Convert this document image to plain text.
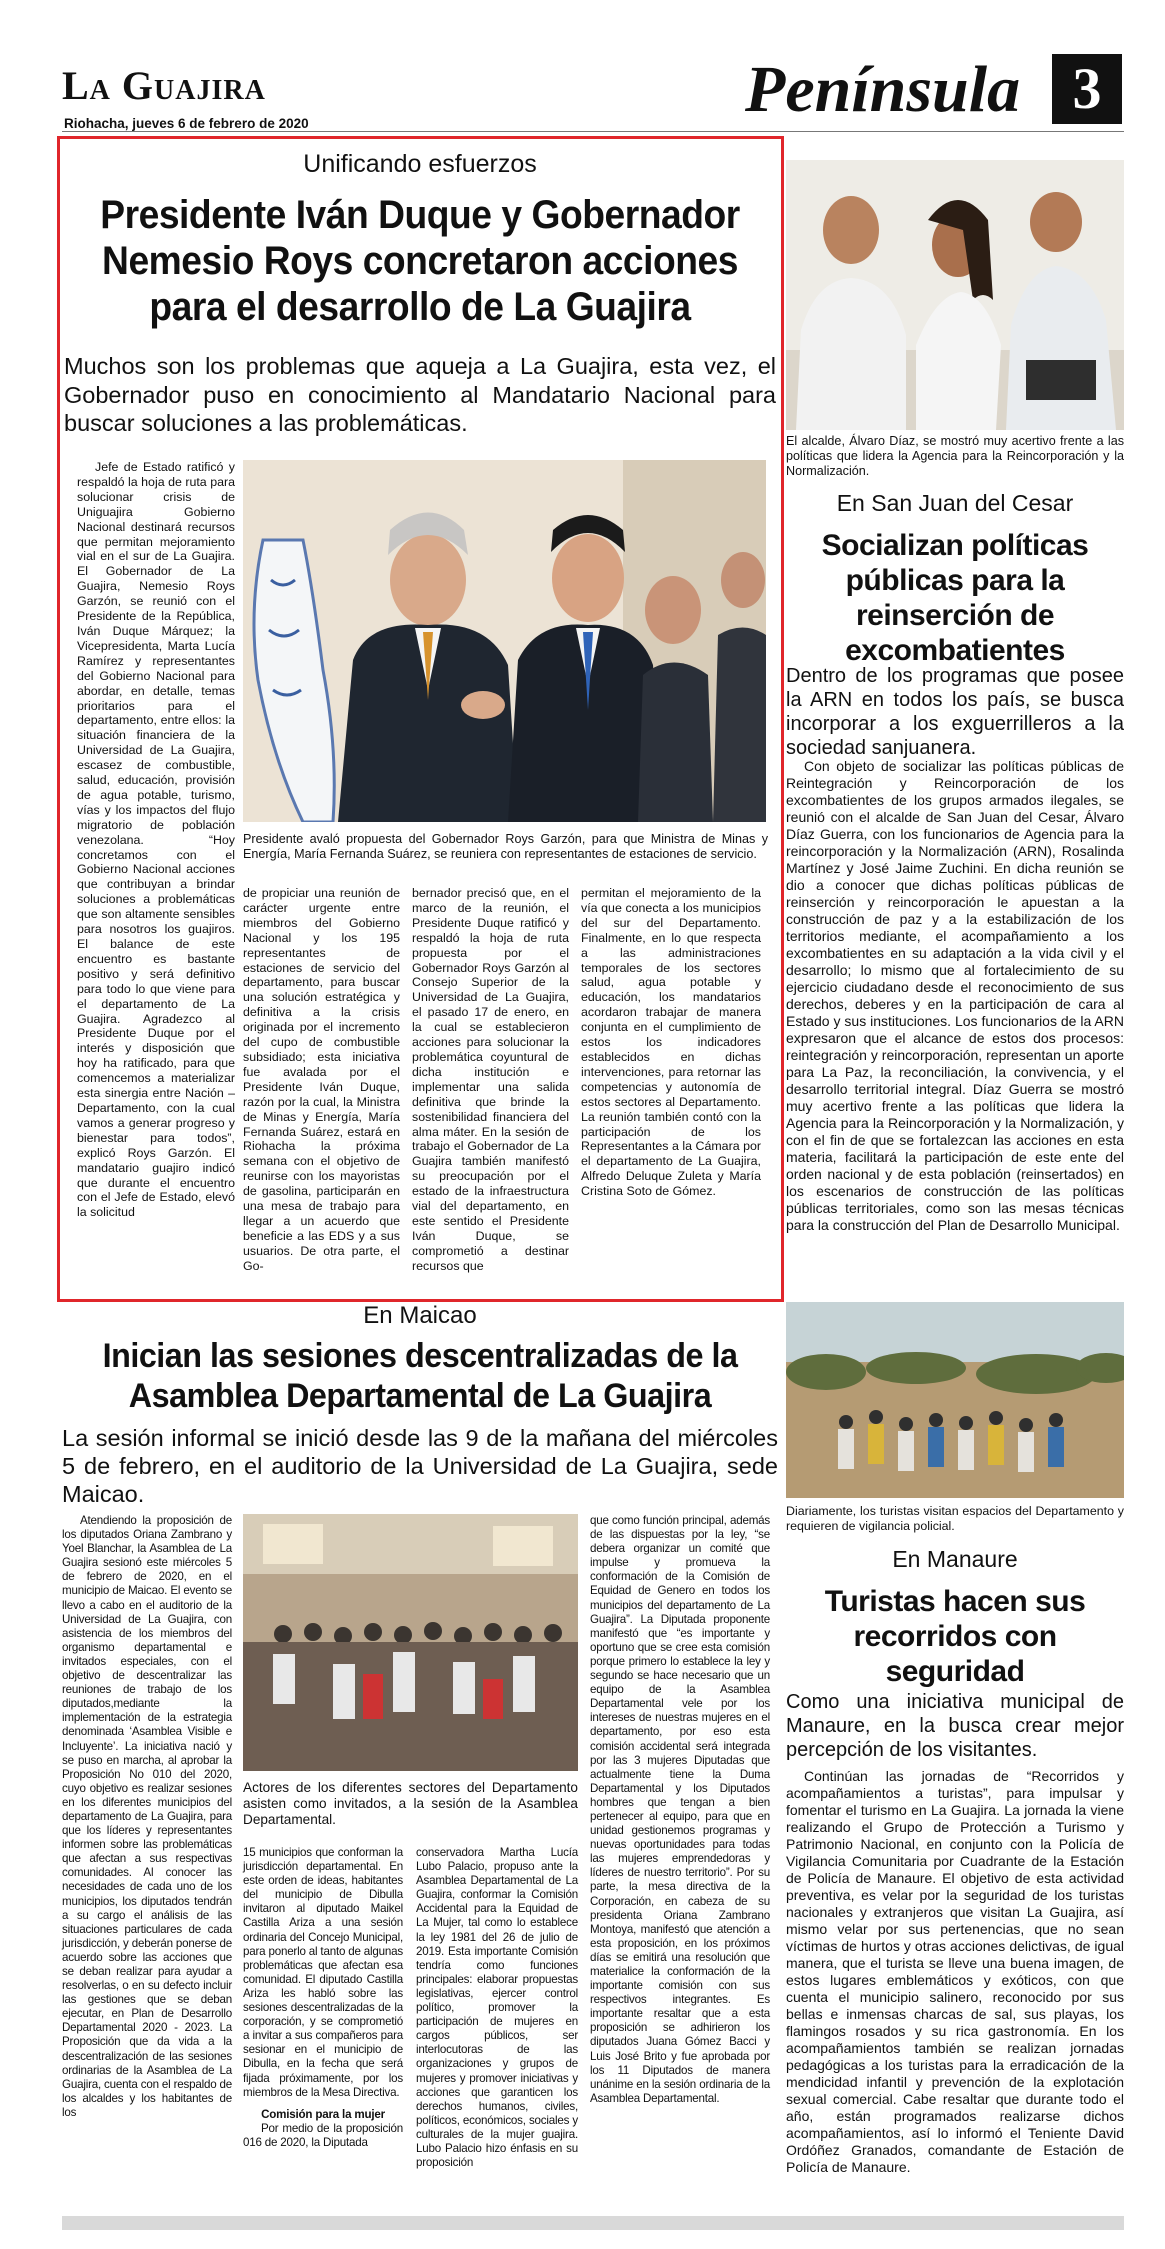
La Guajira
Riohacha, jueves 6 de febrero de 2020	Península 3
Unificando esfuerzos
Presidente Iván Duque y Gobernador Nemesio Roys concretaron acciones para el desarrollo de La Guajira
Muchos son los problemas que aqueja a La Guajira, esta vez, el Gobernador puso en conocimiento al Mandatario Nacional para buscar soluciones a las problemáticas.

Jefe de Estado ratificó y respaldó la hoja de ruta para solucionar crisis de Uniguajira Gobierno Nacional destinará recursos que permitan mejoramiento vial en el sur de La Guajira. El Gobernador de La Guajira, Nemesio Roys Garzón, se reunió con el Presidente de la República, Iván Duque Márquez; la Vicepresidenta, Marta Lucía Ramírez y representantes del Gobierno Nacional para abordar, en detalle, temas prioritarios para el departamento, entre ellos: la situación financiera de la Universidad de La Guajira, escasez de combustible, salud, educación, provisión de agua potable, turismo, vías y los impactos del flujo migratorio de población venezolana. “Hoy concretamos con el Gobierno Nacional acciones que contribuyan a brindar soluciones a problemáticas que son altamente sensibles para nosotros los guajiros. El balance de este encuentro es bastante positivo y será definitivo para todo lo que viene para el departamento de La Guajira. Agradezco al Presidente Duque por el interés y disposición que hoy ha ratificado, para que comencemos a materializar esta sinergia entre Nación – Departamento, con la cual vamos a generar progreso y bienestar para todos”, explicó Roys Garzón. El mandatario guajiro indicó que durante el encuentro con el Jefe de Estado, elevó la solicitud

Presidente avaló propuesta del Gobernador Roys Garzón, para que Ministra de Minas y Energía, María Fernanda Suárez, se reuniera con representantes de estaciones de servicio.

de propiciar una reunión de carácter urgente entre miembros del Gobierno Nacional y los 195 representantes de estaciones de servicio del departamento, para buscar una solución estratégica y definitiva a la crisis originada por el incremento del cupo de combustible subsidiado; esta iniciativa fue avalada por el Presidente Iván Duque, razón por la cual, la Ministra de Minas y Energía, María Fernanda Suárez, estará en Riohacha la próxima semana con el objetivo de reunirse con los mayoristas de gasolina, participarán en una mesa de trabajo para llegar a un acuerdo que beneficie a las EDS y a sus usuarios. De otra parte, el Go-

bernador precisó que, en el marco de la reunión, el Presidente Duque ratificó y respaldó la hoja de ruta propuesta por el Gobernador Roys Garzón al Consejo Superior de la Universidad de La Guajira, el pasado 17 de enero, en la cual se establecieron acciones para solucionar la problemática coyuntural de dicha institución e implementar una salida definitiva que brinde la sostenibilidad financiera del alma máter. En la sesión de trabajo el Gobernador de La Guajira también manifestó su preocupación por el estado de la infraestructura vial del departamento, en este sentido el Presidente Iván Duque, se comprometió a destinar recursos que

permitan el mejoramiento de la vía que conecta a los municipios del sur del Departamento. Finalmente, en lo que respecta a las administraciones temporales de los sectores salud, agua potable y educación, los mandatarios acordaron trabajar de manera conjunta en el cumplimiento de estos los indicadores establecidos en dichas intervenciones, para retornar las competencias y autonomía de estos sectores al Departamento. La reunión también contó con la participación de los Representantes a la Cámara por el departamento de La Guajira, Alfredo Deluque Zuleta y María Cristina Soto de Gómez.

El alcalde, Álvaro Díaz, se mostró muy acertivo frente a las políticas que lidera la Agencia para la Reincorporación y la Normalización.
En San Juan del Cesar
Socializan políticas públicas para la reinserción de excombatientes
Dentro de los programas que posee la ARN en todos los país, se busca incorporar a los exguerrilleros a la sociedad sanjuanera.

Con objeto de socializar las políticas públicas de Reintegración y Reincorporación de los excombatientes de los grupos armados ilegales, se reunió con el alcalde de San Juan del Cesar, Álvaro Díaz Guerra, con los funcionarios de Agencia para la reincorporación y la Normalización (ARN), Rosalinda Martínez y José Jaime Zuchini. En dicha reunión se dio a conocer que dichas políticas públicas de reinserción y reincorporación le apuestan a la construcción de paz y a la estabilización de los territorios mediante, el acompañamiento a los excombatientes en su adaptación a la vida civil y el desarrollo; lo mismo que al fortalecimiento de su ejercicio ciudadano desde el reconocimiento de sus derechos, deberes y en la participación de cara al Estado y sus instituciones. Los funcionarios de la ARN expresaron que el alcance de estos dos procesos: reintegración y reincorporación, representan un aporte para La Paz, la reconciliación, la convivencia, y el desarrollo territorial integral. Díaz Guerra se mostró muy acertivo frente a las políticas que lidera la Agencia para la Reincorporación y la Normalización, y con el fin de que se fortalezcan las acciones en esta materia, facilitará la participación de este ente del orden nacional y de esta población (reinsertados) en los escenarios de construcción de las políticas públicas territoriales, como son las mesas técnicas para la construcción del Plan de Desarrollo Municipal.

En Maicao
Inician las sesiones descentralizadas de la Asamblea Departamental de La Guajira
La sesión informal se inició desde las 9 de la mañana del miércoles 5 de febrero, en el auditorio de la Universidad de La Guajira, sede Maicao.

Atendiendo la proposición de los diputados Oriana Zambrano y Yoel Blanchar, la Asamblea de La Guajira sesionó este miércoles 5 de febrero de 2020, en el municipio de Maicao. El evento se llevo a cabo en el auditorio de la Universidad de La Guajira, con asistencia de los miembros del organismo departamental e invitados especiales, con el objetivo de descentralizar las reuniones de trabajo de los diputados,mediante la implementación de la estrategia denominada ‘Asamblea Visible e Incluyente’. La iniciativa nació y se puso en marcha, al aprobar la Proposición No 010 del 2020, cuyo objetivo es realizar sesiones en los diferentes municipios del departamento de La Guajira, para que los líderes y representantes informen sobre las problemáticas que afectan a sus respectivas comunidades. Al conocer las necesidades de cada uno de los municipios, los diputados tendrán a su cargo el análisis de las situaciones particulares de cada jurisdicción, y deberán ponerse de acuerdo sobre las acciones que se deban realizar para ayudar a resolverlas, o en su defecto incluir las gestiones que se deban ejecutar, en Plan de Desarrollo Departamental 2020 - 2023. La Proposición que da vida a la descentralización de las sesiones ordinarias de la Asamblea de La Guajira, cuenta con el respaldo de los alcaldes y los habitantes de los

Actores de los diferentes sectores del Departamento asisten como invitados, a la sesión de la Asamblea Departamental.

15 municipios que conforman la jurisdicción departamental. En este orden de ideas, habitantes del municipio de Dibulla invitaron al diputado Maikel Castilla Ariza a una sesión ordinaria del Concejo Municipal, para ponerlo al tanto de algunas problemáticas que afectan esa comunidad. El diputado Castilla Ariza les habló sobre las sesiones descentralizadas de la corporación, y se comprometió a invitar a sus compañeros para sesionar en el municipio de Dibulla, en la fecha que será fijada próximamente, por los miembros de la Mesa Directiva.

Comisión para la mujer

Por medio de la proposición 016 de 2020, la Diputada

conservadora Martha Lucía Lubo Palacio, propuso ante la Asamblea Departamental de La Guajira, conformar la Comisión Accidental para la Equidad de La Mujer, tal como lo establece la ley 1981 del 26 de julio de 2019. Esta importante Comisión tendría como funciones principales: elaborar propuestas legislativas, ejercer control político, promover la participación de mujeres en cargos públicos, ser interlocutoras de las organizaciones y grupos de mujeres y promover iniciativas y acciones que garanticen los derechos humanos, civiles, políticos, económicos, sociales y culturales de la mujer guajira. Lubo Palacio hizo énfasis en su proposición

que como función principal, además de las dispuestas por la ley, “se debera organizar un comité que impulse y promueva la conformación de la Comisión de Equidad de Genero en todos los municipios del departamento de La Guajira”. La Diputada proponente manifestó que “es importante y oportuno que se cree esta comisión porque primero lo establece la ley y segundo se hace necesario que un equipo de la Asamblea Departamental vele por los intereses de nuestras mujeres en el departamento, por eso esta comisión accidental será integrada por las 3 mujeres Diputadas que actualmente tiene la Duma Departamental y los Diputados hombres que tengan a bien pertenecer al equipo, para que en unidad gestionemos programas y nuevas oportunidades para todas las mujeres emprendedoras y líderes de nuestro territorio”. Por su parte, la mesa directiva de la Corporación, en cabeza de su presidenta Oriana Zambrano Montoya, manifestó que atención a esta proposición, en los próximos días se emitirá una resolución que materialice la conformación de la importante comisión con sus respectivos integrantes. Es importante resaltar que a esta proposición se adhirieron los diputados Juana Gómez Bacci y Luis José Brito y fue aprobada por los 11 Diputados de manera unánime en la sesión ordinaria de la Asamblea Departamental.

Diariamente, los turistas visitan espacios del Departamento y requieren de vigilancia policial.
En Manaure
Turistas hacen sus recorridos con seguridad
Como una iniciativa municipal de Manaure, en la busca crear mejor percepción de los visitantes.

Continúan las jornadas de “Recorridos y acompañamientos a turistas”, para impulsar y fomentar el turismo en La Guajira. La jornada la viene realizando el Grupo de Protección a Turismo y Patrimonio Nacional, en conjunto con la Policía de Vigilancia Comunitaria por Cuadrante de la Estación de Policía de Manaure. El objetivo de esta actividad preventiva, es velar por la seguridad de los turistas nacionales y extranjeros que visitan La Guajira, así mismo velar por sus pertenencias, que no sean víctimas de hurtos y otras acciones delictivas, de igual manera, que el turista se lleve una buena imagen, de estos lugares emblemáticos y exóticos, con que cuenta el municipio salinero, reconocido por sus bellas e inmensas charcas de sal, sus playas, los flamingos rosados y su rica gastronomía. En los acompañamientos también se realizan jornadas pedagógicas a los turistas para la erradicación de la mendicidad infantil y prevención de la explotación sexual comercial. Cabe resaltar que durante todo el año, están programados realizarse dichos acompañamientos, así lo informó el Teniente David Ordóñez Granados, comandante de Estación de Policía de Manaure.
